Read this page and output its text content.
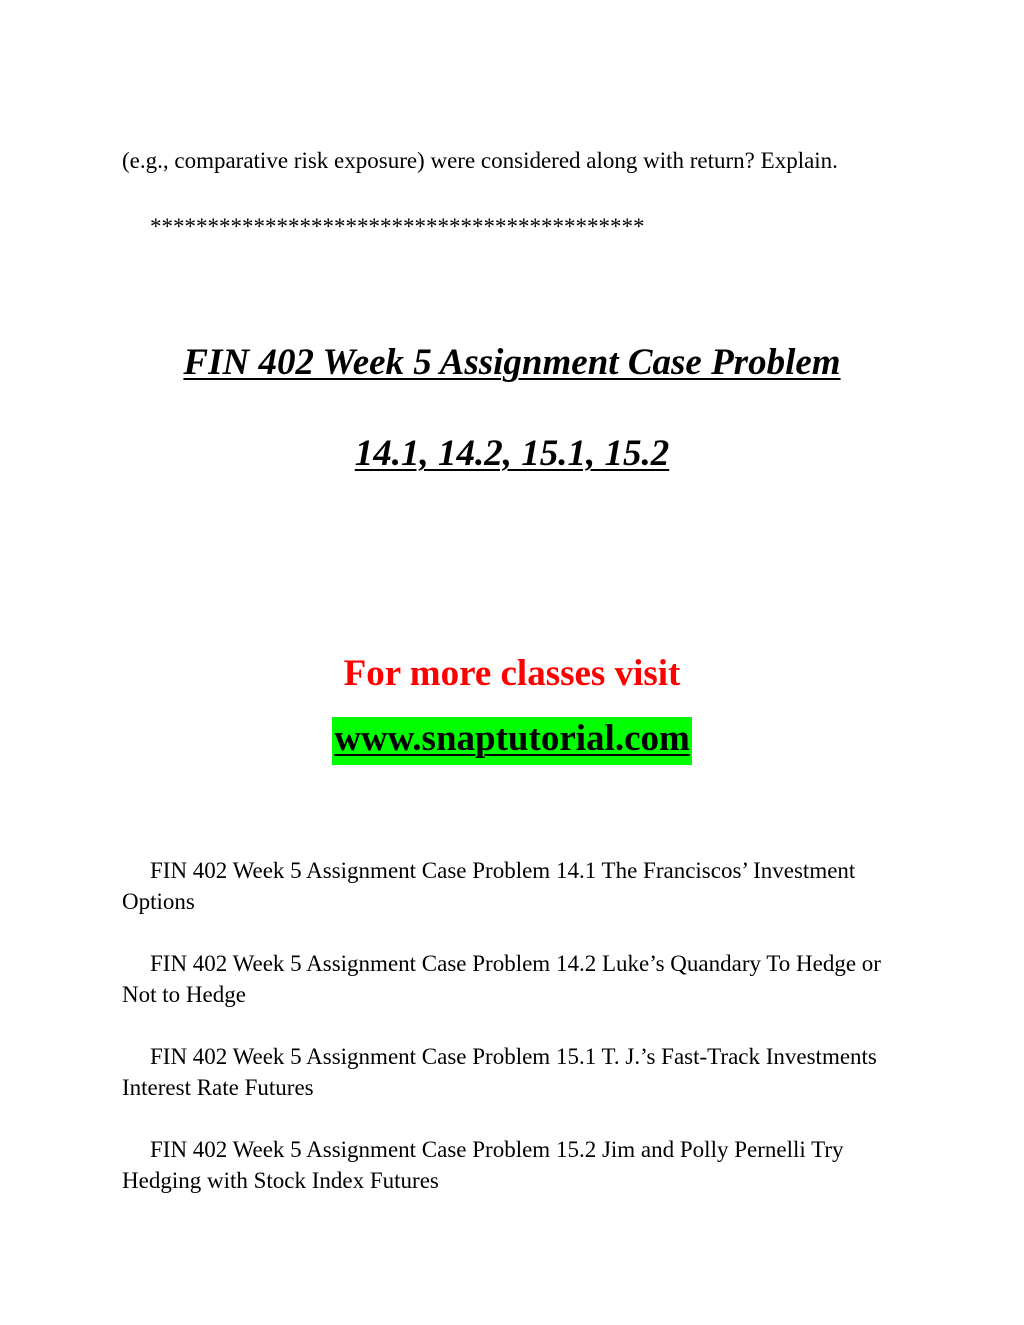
(e.g., comparative risk exposure) were considered along with return? Explain.

*******************************************
FIN 402 Week 5 Assignment Case Problem
14.1, 14.2, 15.1, 15.2
For more classes visit
www.snaptutorial.com

FIN 402 Week 5 Assignment Case Problem 14.1 The Franciscos’ Investment Options

FIN 402 Week 5 Assignment Case Problem 14.2 Luke’s Quandary To Hedge or Not to Hedge

FIN 402 Week 5 Assignment Case Problem 15.1 T. J.’s Fast-Track Investments Interest Rate Futures

FIN 402 Week 5 Assignment Case Problem 15.2 Jim and Polly Pernelli Try Hedging with Stock Index Futures
